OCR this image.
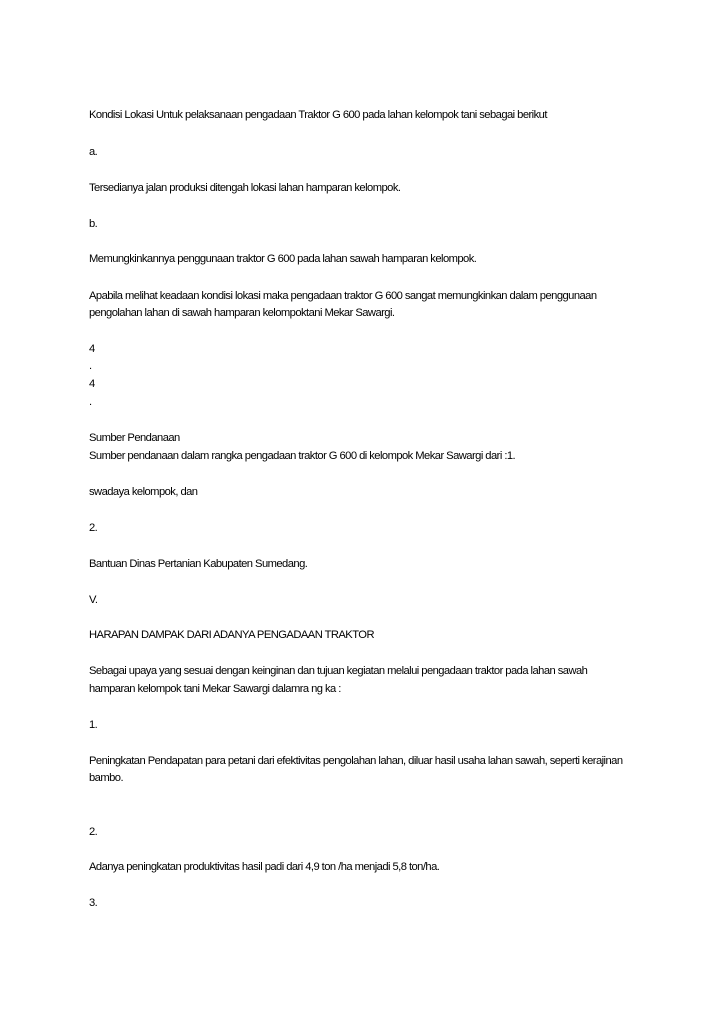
Kondisi Lokasi Untuk pelaksanaan pengadaan Traktor G 600 pada lahan kelompok tani sebagai berikut

a.

Tersedianya jalan produksi ditengah lokasi lahan hamparan kelompok.

b.

Memungkinkannya penggunaan traktor G 600 pada lahan sawah hamparan kelompok.

Apabila melihat keadaan kondisi lokasi maka pengadaan traktor G 600 sangat memungkinkan dalam penggunaan

pengolahan lahan di sawah hamparan kelompoktani Mekar Sawargi.

4

.

4

.

Sumber Pendanaan

Sumber pendanaan dalam rangka pengadaan traktor G 600 di kelompok Mekar Sawargi dari :1.

swadaya kelompok, dan

2.

Bantuan Dinas Pertanian Kabupaten Sumedang.

V.

HARAPAN DAMPAK DARI ADANYA PENGADAAN TRAKTOR

Sebagai upaya yang sesuai dengan keinginan dan tujuan kegiatan melalui pengadaan traktor pada lahan sawah

hamparan kelompok tani Mekar Sawargi dalamra ng ka :

1.

Peningkatan Pendapatan para petani dari efektivitas pengolahan lahan, diluar hasil usaha lahan sawah, seperti kerajinan

bambo.

2.

Adanya peningkatan produktivitas hasil padi dari 4,9 ton /ha menjadi 5,8 ton/ha.

3.
